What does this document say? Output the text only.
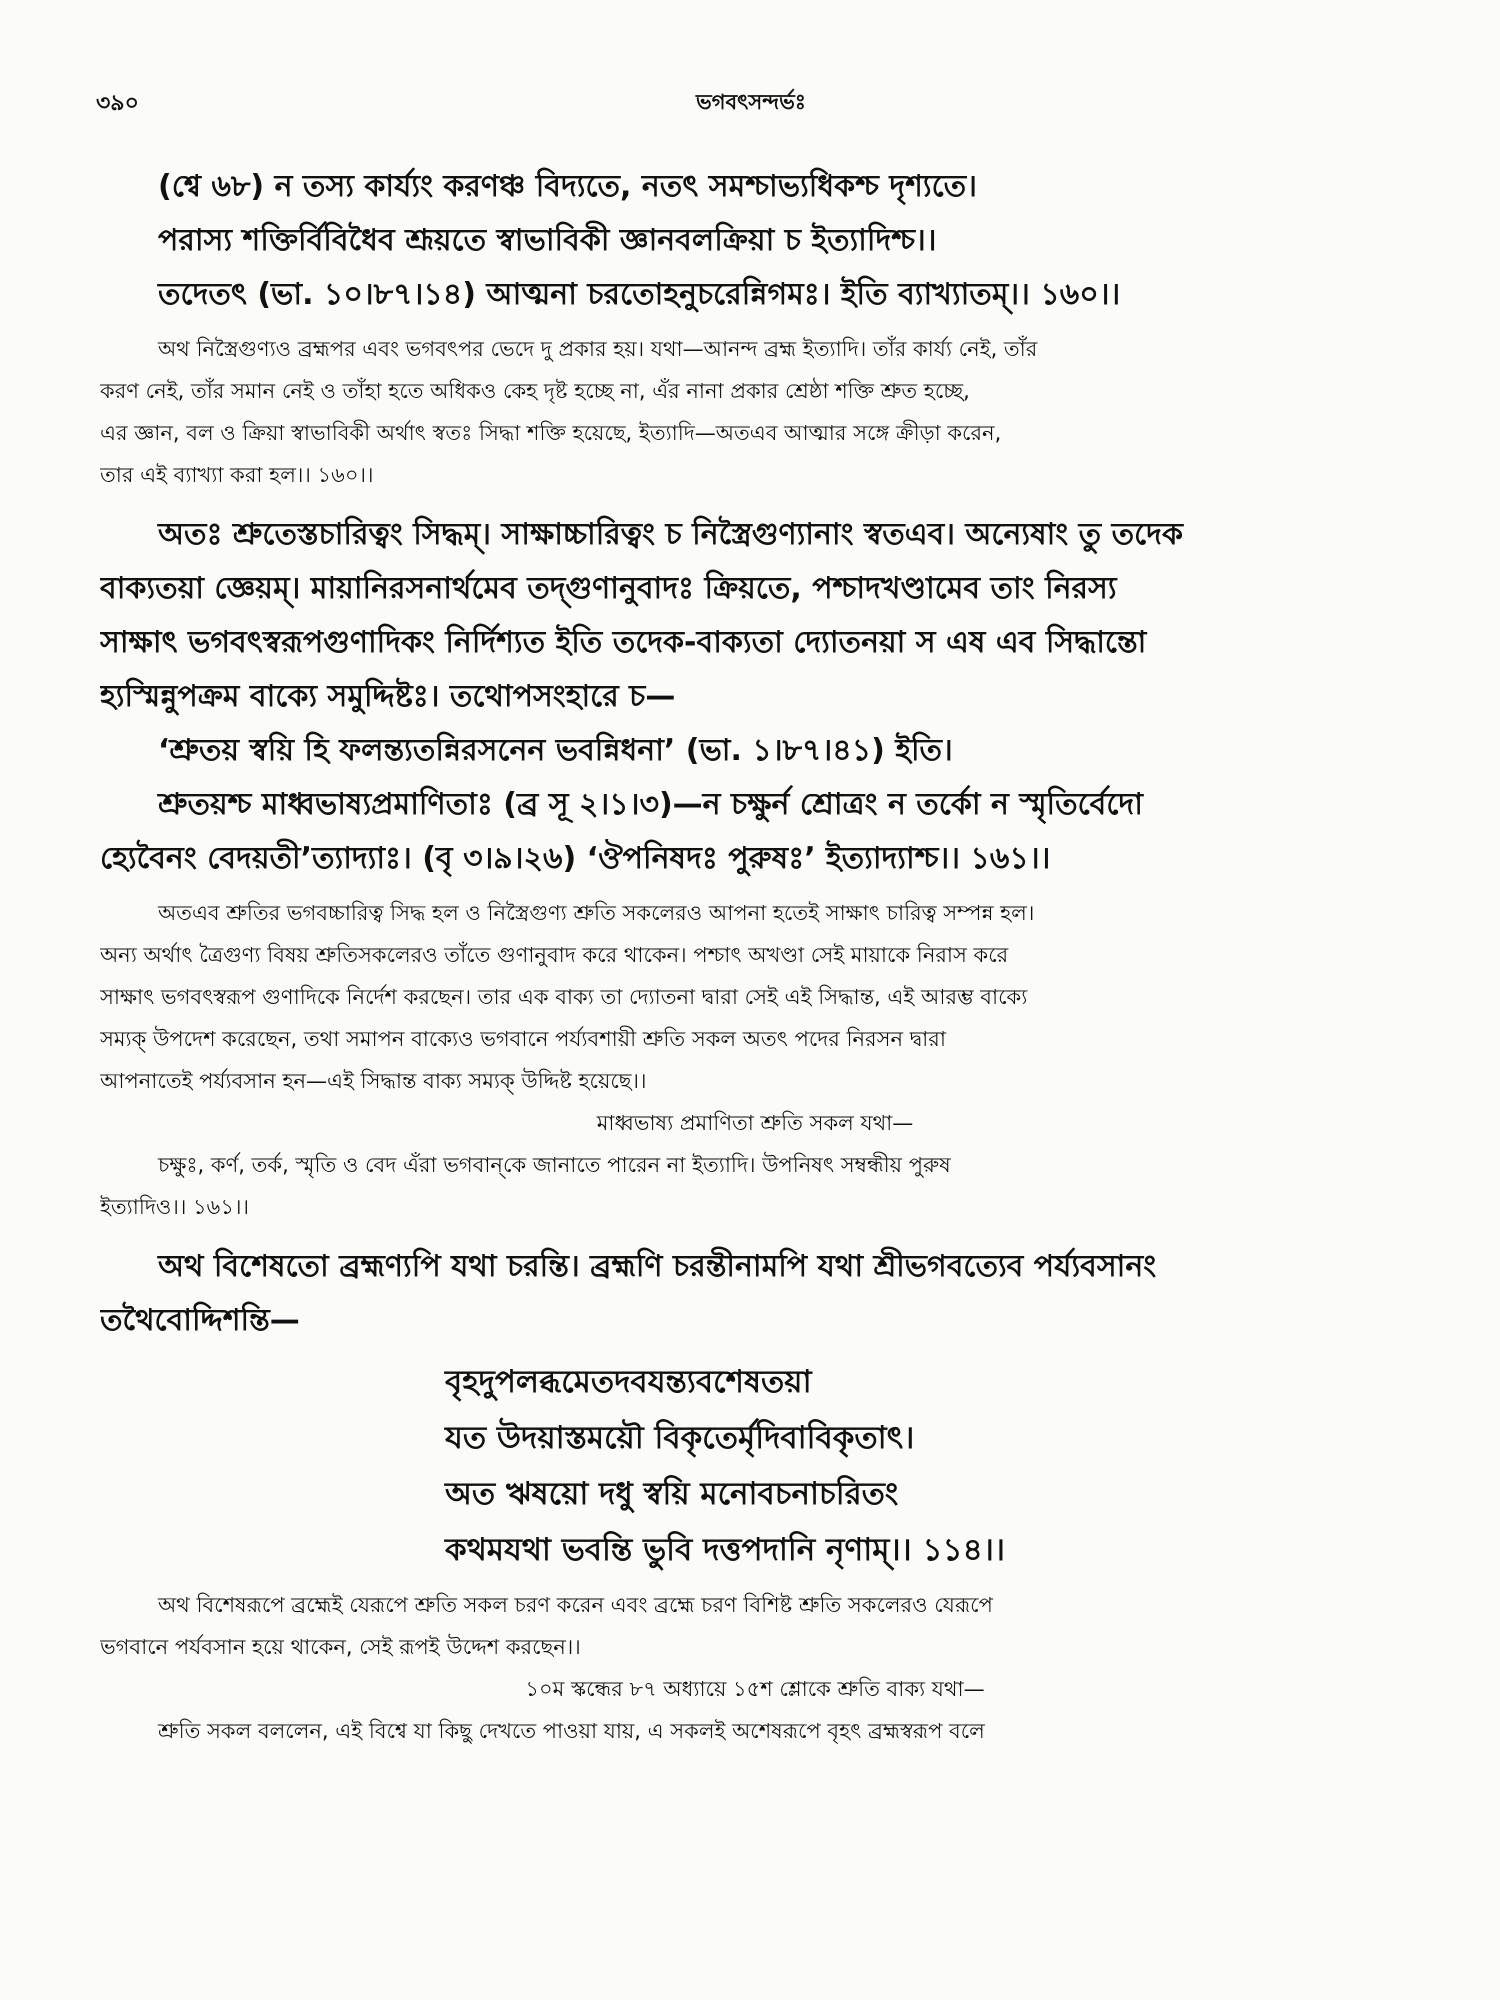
৩৯০	ভগবৎসন্দর্ভঃ

(শ্বে ৬৮) ন তস্য কার্য্যং করণঞ্চ বিদ্যতে, নতৎ সমশ্চাভ্যধিকশ্চ দৃশ্যতে।

পরাস্য শক্তির্বিবিধৈব শ্রূয়তে স্বাভাবিকী জ্ঞানবলক্রিয়া চ ইত্যাদিশ্চ।।

তদেতৎ (ভা. ১০।৮৭।১৪) আত্মনা চরতোহনুচরেন্নিগমঃ। ইতি ব্যাখ্যাতম্।। ১৬০।।

অথ নিস্ত্রৈগুণ্যও ব্রহ্মপর এবং ভগবৎপর ভেদে দু প্রকার হয়। যথা—আনন্দ ব্রহ্ম ইত্যাদি। তাঁর কার্য্য নেই, তাঁর

করণ নেই, তাঁর সমান নেই ও তাঁহা হতে অধিকও কেহ দৃষ্ট হচ্ছে না, এঁর নানা প্রকার শ্রেষ্ঠা শক্তি শ্রুত হচ্ছে,

এর জ্ঞান, বল ও ক্রিয়া স্বাভাবিকী অর্থাৎ স্বতঃ সিদ্ধা শক্তি হয়েছে, ইত্যাদি—অতএব আত্মার সঙ্গে ক্রীড়া করেন,

তার এই ব্যাখ্যা করা হল।। ১৬০।।

অতঃ শ্রুতেস্তচারিত্বং সিদ্ধম্। সাক্ষাচ্চারিত্বং চ নিস্ত্রৈগুণ্যানাং স্বতএব। অন্যেষাং তু তদেক

বাক্যতয়া জ্ঞেয়ম্। মায়ানিরসনার্থমেব তদ্গুণানুবাদঃ ক্রিয়তে, পশ্চাদখণ্ডামেব তাং নিরস্য

সাক্ষাৎ ভগবৎস্বরূপগুণাদিকং নির্দিশ্যত ইতি তদেক-বাক্যতা দ্যোতনয়া স এষ এব সিদ্ধান্তো

হ্যস্মিন্নুপক্রম বাক্যে সমুদ্দিষ্টঃ। তথোপসংহারে চ—

‘শ্রুতয় স্বয়ি হি ফলন্ত্যতন্নিরসনেন ভবন্নিধনা’ (ভা. ১।৮৭।৪১) ইতি।

শ্রুতয়শ্চ মাধ্বভাষ্যপ্রমাণিতাঃ (ব্র সূ ২।১।৩)—ন চক্ষুর্ন শ্রোত্রং ন তর্কো ন স্মৃতির্বেদো

হ্যেবৈনং বেদয়তী’ত্যাদ্যাঃ। (বৃ ৩।৯।২৬) ‘ঔপনিষদঃ পুরুষঃ’ ইত্যাদ্যাশ্চ।। ১৬১।।

অতএব শ্রুতির ভগবচ্চারিত্ব সিদ্ধ হল ও নিস্ত্রৈগুণ্য শ্রুতি সকলেরও আপনা হতেই সাক্ষাৎ চারিত্ব সম্পন্ন হল।

অন্য অর্থাৎ ত্রৈগুণ্য বিষয় শ্রুতিসকলেরও তাঁতে গুণানুবাদ করে থাকেন। পশ্চাৎ অখণ্ডা সেই মায়াকে নিরাস করে

সাক্ষাৎ ভগবৎস্বরূপ গুণাদিকে নির্দেশ করছেন। তার এক বাক্য তা দ্যোতনা দ্বারা সেই এই সিদ্ধান্ত, এই আরম্ভ বাক্যে

সম্যক্ উপদেশ করেছেন, তথা সমাপন বাক্যেও ভগবানে পর্য্যবশায়ী শ্রুতি সকল অতৎ পদের নিরসন দ্বারা

আপনাতেই পর্য্যবসান হন—এই সিদ্ধান্ত বাক্য সম্যক্ উদ্দিষ্ট হয়েছে।।

মাধ্বভাষ্য প্রমাণিতা শ্রুতি সকল যথা—

চক্ষুঃ, কর্ণ, তর্ক, স্মৃতি ও বেদ এঁরা ভগবান্‌কে জানাতে পারেন না ইত্যাদি। উপনিষৎ সম্বন্ধীয় পুরুষ

ইত্যাদিও।। ১৬১।।

অথ বিশেষতো ব্রহ্মণ্যপি যথা চরন্তি। ব্রহ্মণি চরন্তীনামপি যথা শ্রীভগবত্যেব পর্য্যবসানং

তথৈবোদ্দিশন্তি—

বৃহদুপলব্ধমেতদবযন্ত্যবশেষতয়া

যত উদয়াস্তময়ৌ বিকৃতের্মৃদিবাবিকৃতাৎ।

অত ঋষয়ো দধু স্বয়ি মনোবচনাচরিতং

কথমযথা ভবন্তি ভুবি দত্তপদানি নৃণাম্।। ১১৪।।

অথ বিশেষরূপে ব্রহ্মেই যেরূপে শ্রুতি সকল চরণ করেন এবং ব্রহ্মে চরণ বিশিষ্ট শ্রুতি সকলেরও যেরূপে

ভগবানে পর্যবসান হয়ে থাকেন, সেই রূপই উদ্দেশ করছেন।।

১০ম স্কন্ধের ৮৭ অধ্যায়ে ১৫শ শ্লোকে শ্রুতি বাক্য যথা—

শ্রুতি সকল বললেন, এই বিশ্বে যা কিছু দেখতে পাওয়া যায়, এ সকলই অশেষরূপে বৃহৎ ব্রহ্মস্বরূপ বলে
